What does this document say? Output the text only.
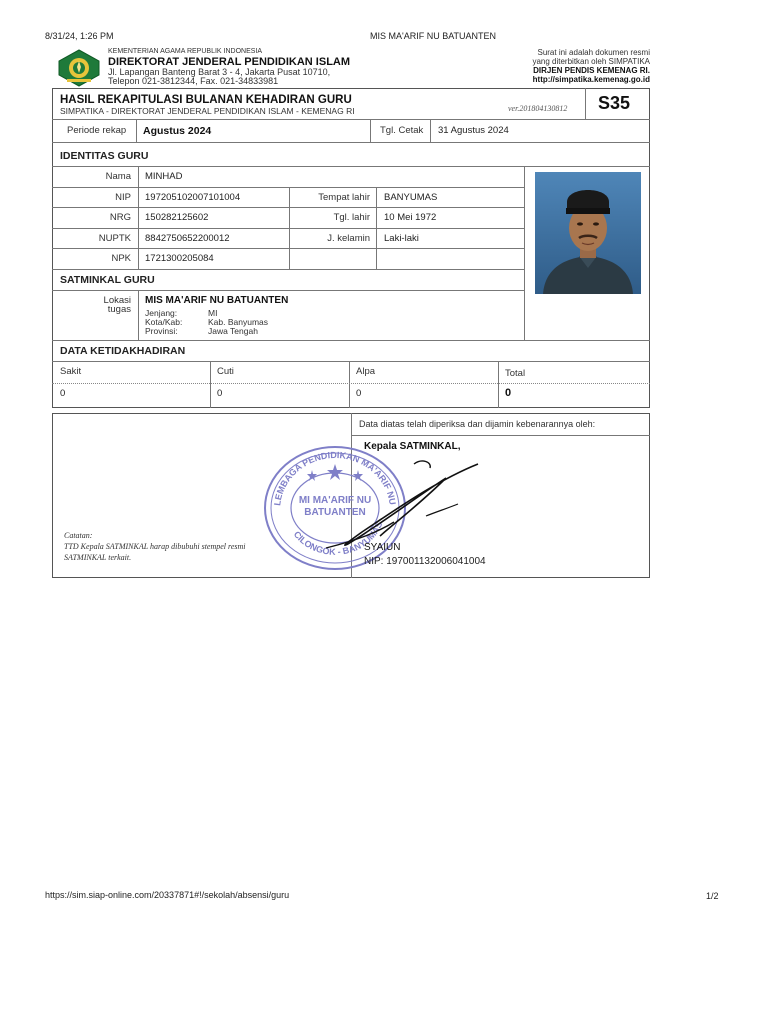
8/31/24, 1:26 PM	MIS MA'ARIF NU BATUANTEN
KEMENTERIAN AGAMA REPUBLIK INDONESIA
DIREKTORAT JENDERAL PENDIDIKAN ISLAM
Jl. Lapangan Banteng Barat 3 - 4, Jakarta Pusat 10710,
Telepon 021-3812344, Fax. 021-34833981
Surat ini adalah dokumen resmi
yang diterbitkan oleh SIMPATIKA
DIRJEN PENDIS KEMENAG RI.
http://simpatika.kemenag.go.id
HASIL REKAPITULASI BULANAN KEHADIRAN GURU
SIMPATIKA - DIREKTORAT JENDERAL PENDIDIKAN ISLAM - KEMENAG RI	ver.201804130812 S35
Periode rekap Agustus 2024	Tgl. Cetak 31 Agustus 2024
IDENTITAS GURU
Nama MINHAD
NIP 197205102007101004	Tempat lahir BANYUMAS
NRG 150282125602	Tgl. lahir 10 Mei 1972
NUPTK 8842750652200012	J. kelamin Laki-laki
NPK 1721300205084
SATMINKAL GURU
Lokasi
tugas
MIS MA'ARIF NU BATUANTEN
Jenjang:	MI
Kota/Kab:	Kab. Banyumas
Provinsi:	Jawa Tengah
DATA KETIDAKHADIRAN
Sakit	Cuti	Alpa	Total
0	0	0	0
Data diatas telah diperiksa dan dijamin kebenarannya oleh:
Kepala SATMINKAL,
LEMBAGA PENDIDIKAN MA'ARIF NU
CILONGOK - BANYUMAS
MI MA'ARIF NU
BATUANTEN
SYAIUN
NIP: 197001132006041004
Catatan:
TTD Kepala SATMINKAL harap dibubuhi stempel resmi
SATMINKAL terkait.
https://sim.siap-online.com/20337871#!/sekolah/absensi/guru	1/2
